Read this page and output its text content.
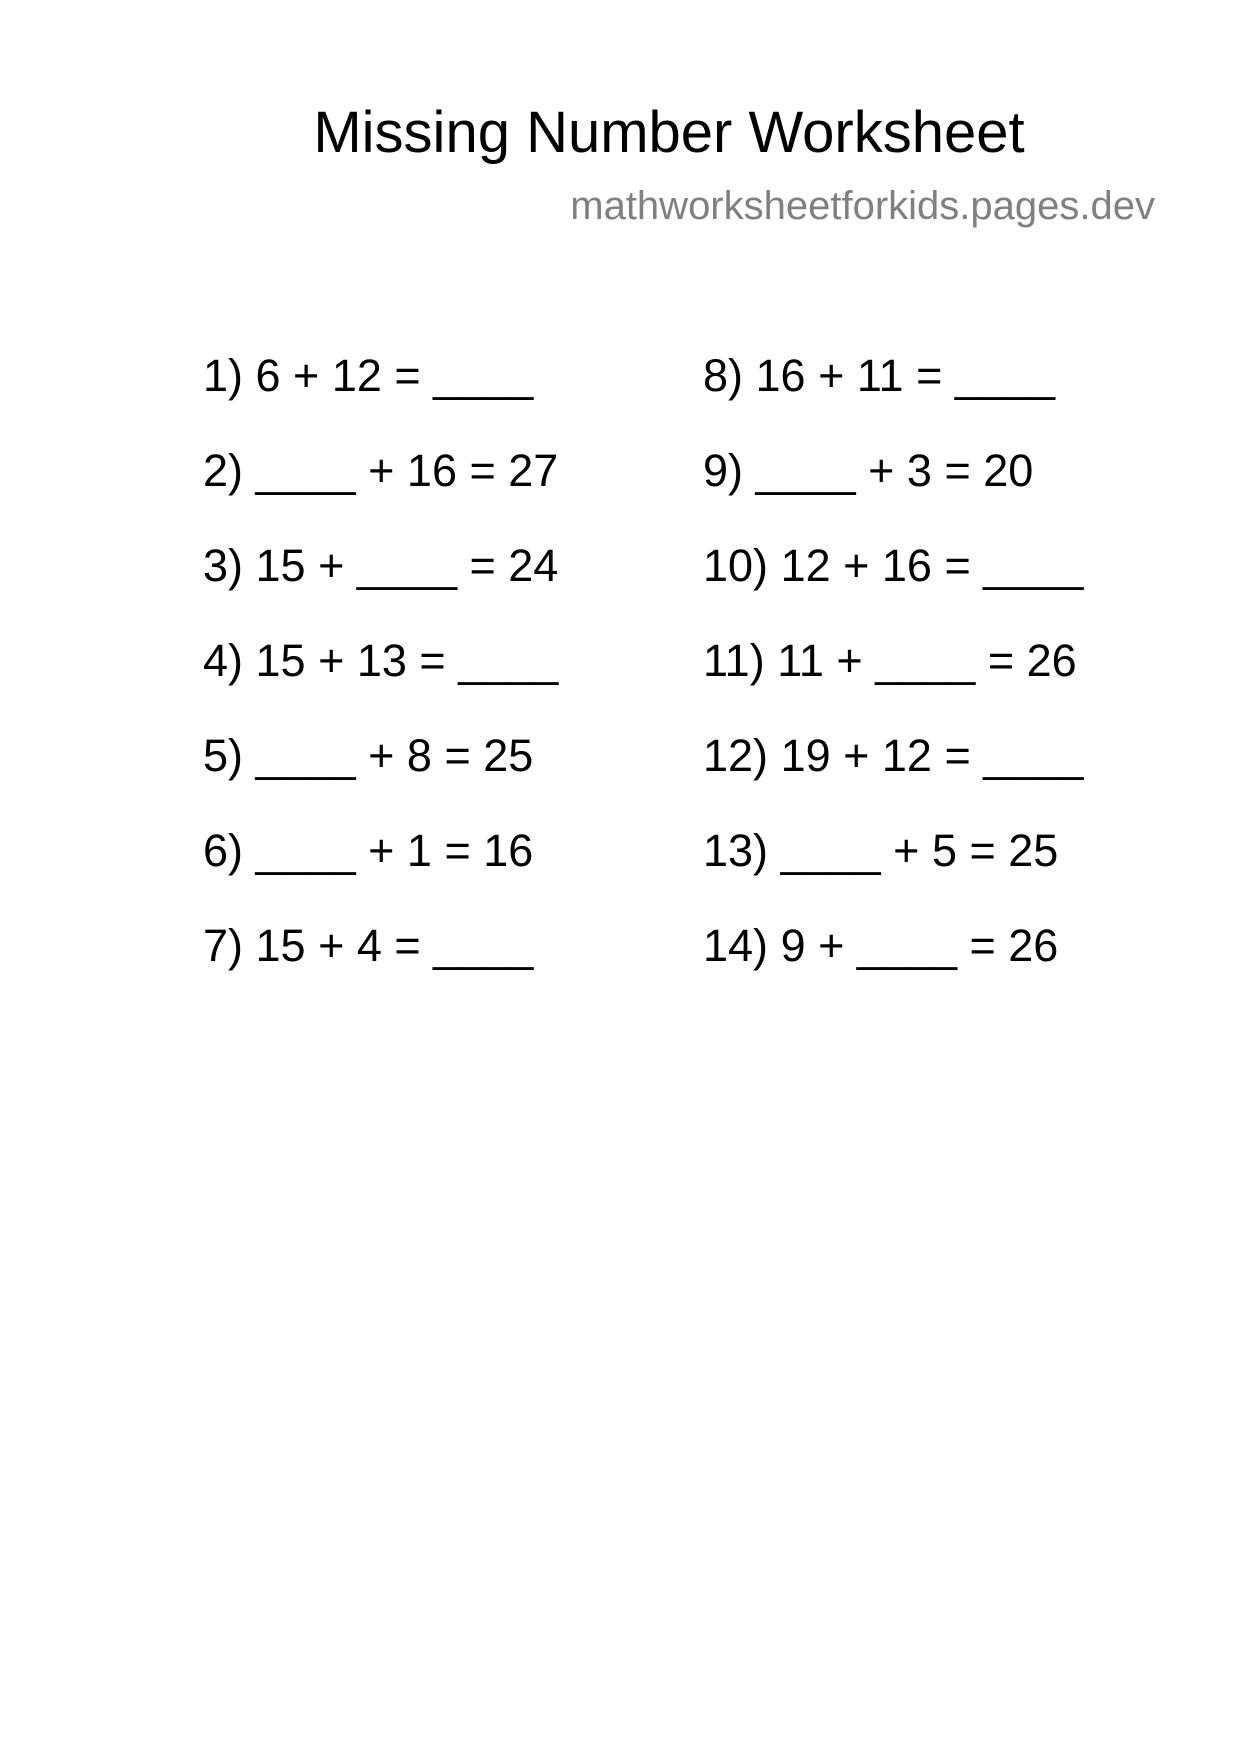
Missing Number Worksheet
mathworksheetforkids.pages.dev
1) 6 + 12 = ____
2) ____ + 16 = 27
3) 15 + ____ = 24
4) 15 + 13 = ____
5) ____ + 8 = 25
6) ____ + 1 = 16
7) 15 + 4 = ____
8) 16 + 11 = ____
9) ____ + 3 = 20
10) 12 + 16 = ____
11) 11 + ____ = 26
12) 19 + 12 = ____
13) ____ + 5 = 25
14) 9 + ____ = 26
